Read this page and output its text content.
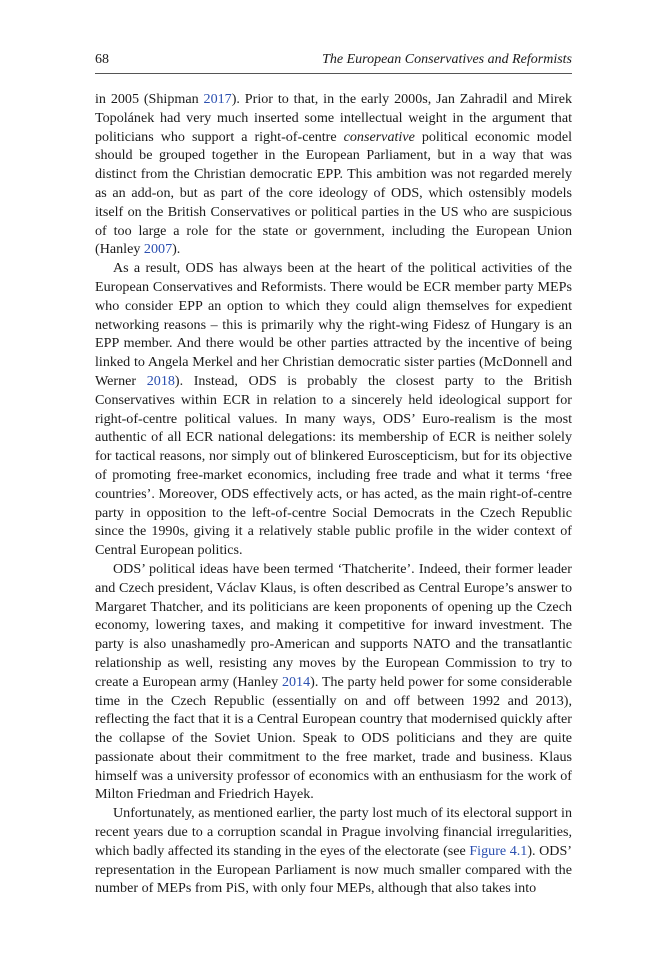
68	The European Conservatives and Reformists

in 2005 (Shipman 2017). Prior to that, in the early 2000s, Jan Zahradil and Mirek Topolánek had very much inserted some intellectual weight in the argument that politicians who support a right-of-centre conservative political economic model should be grouped together in the European Parliament, but in a way that was distinct from the Christian democratic EPP. This ambition was not regarded merely as an add-on, but as part of the core ideology of ODS, which ostensibly models itself on the British Conservatives or political parties in the US who are suspicious of too large a role for the state or government, including the European Union (Hanley 2007).

As a result, ODS has always been at the heart of the political activities of the European Conservatives and Reformists. There would be ECR member party MEPs who consider EPP an option to which they could align themselves for expedient networking reasons – this is primarily why the right-wing Fidesz of Hungary is an EPP member. And there would be other parties attracted by the incentive of being linked to Angela Merkel and her Christian democratic sister parties (McDonnell and Werner 2018). Instead, ODS is probably the closest party to the British Conservatives within ECR in relation to a sincerely held ideological support for right-of-centre political values. In many ways, ODS’ Euro-realism is the most authentic of all ECR national delegations: its membership of ECR is neither solely for tactical reasons, nor simply out of blinkered Euroscepticism, but for its objective of promoting free-market economics, including free trade and what it terms ‘free countries’. Moreover, ODS effectively acts, or has acted, as the main right-of-centre party in opposition to the left-of-centre Social Democrats in the Czech Republic since the 1990s, giving it a relatively stable public profile in the wider context of Central European politics.

ODS’ political ideas have been termed ‘Thatcherite’. Indeed, their former leader and Czech president, Václav Klaus, is often described as Central Europe’s answer to Margaret Thatcher, and its politicians are keen proponents of opening up the Czech economy, lowering taxes, and making it competitive for inward investment. The party is also unashamedly pro-American and supports NATO and the transatlantic relationship as well, resisting any moves by the European Commission to try to create a European army (Hanley 2014). The party held power for some considerable time in the Czech Republic (essentially on and off between 1992 and 2013), reflecting the fact that it is a Central European country that modernised quickly after the collapse of the Soviet Union. Speak to ODS politicians and they are quite passionate about their commitment to the free market, trade and business. Klaus himself was a university professor of economics with an enthusiasm for the work of Milton Friedman and Friedrich Hayek.

Unfortunately, as mentioned earlier, the party lost much of its electoral support in recent years due to a corruption scandal in Prague involving financial irregularities, which badly affected its standing in the eyes of the electorate (see Figure 4.1). ODS’ representation in the European Parliament is now much smaller compared with the number of MEPs from PiS, with only four MEPs, although that also takes into
